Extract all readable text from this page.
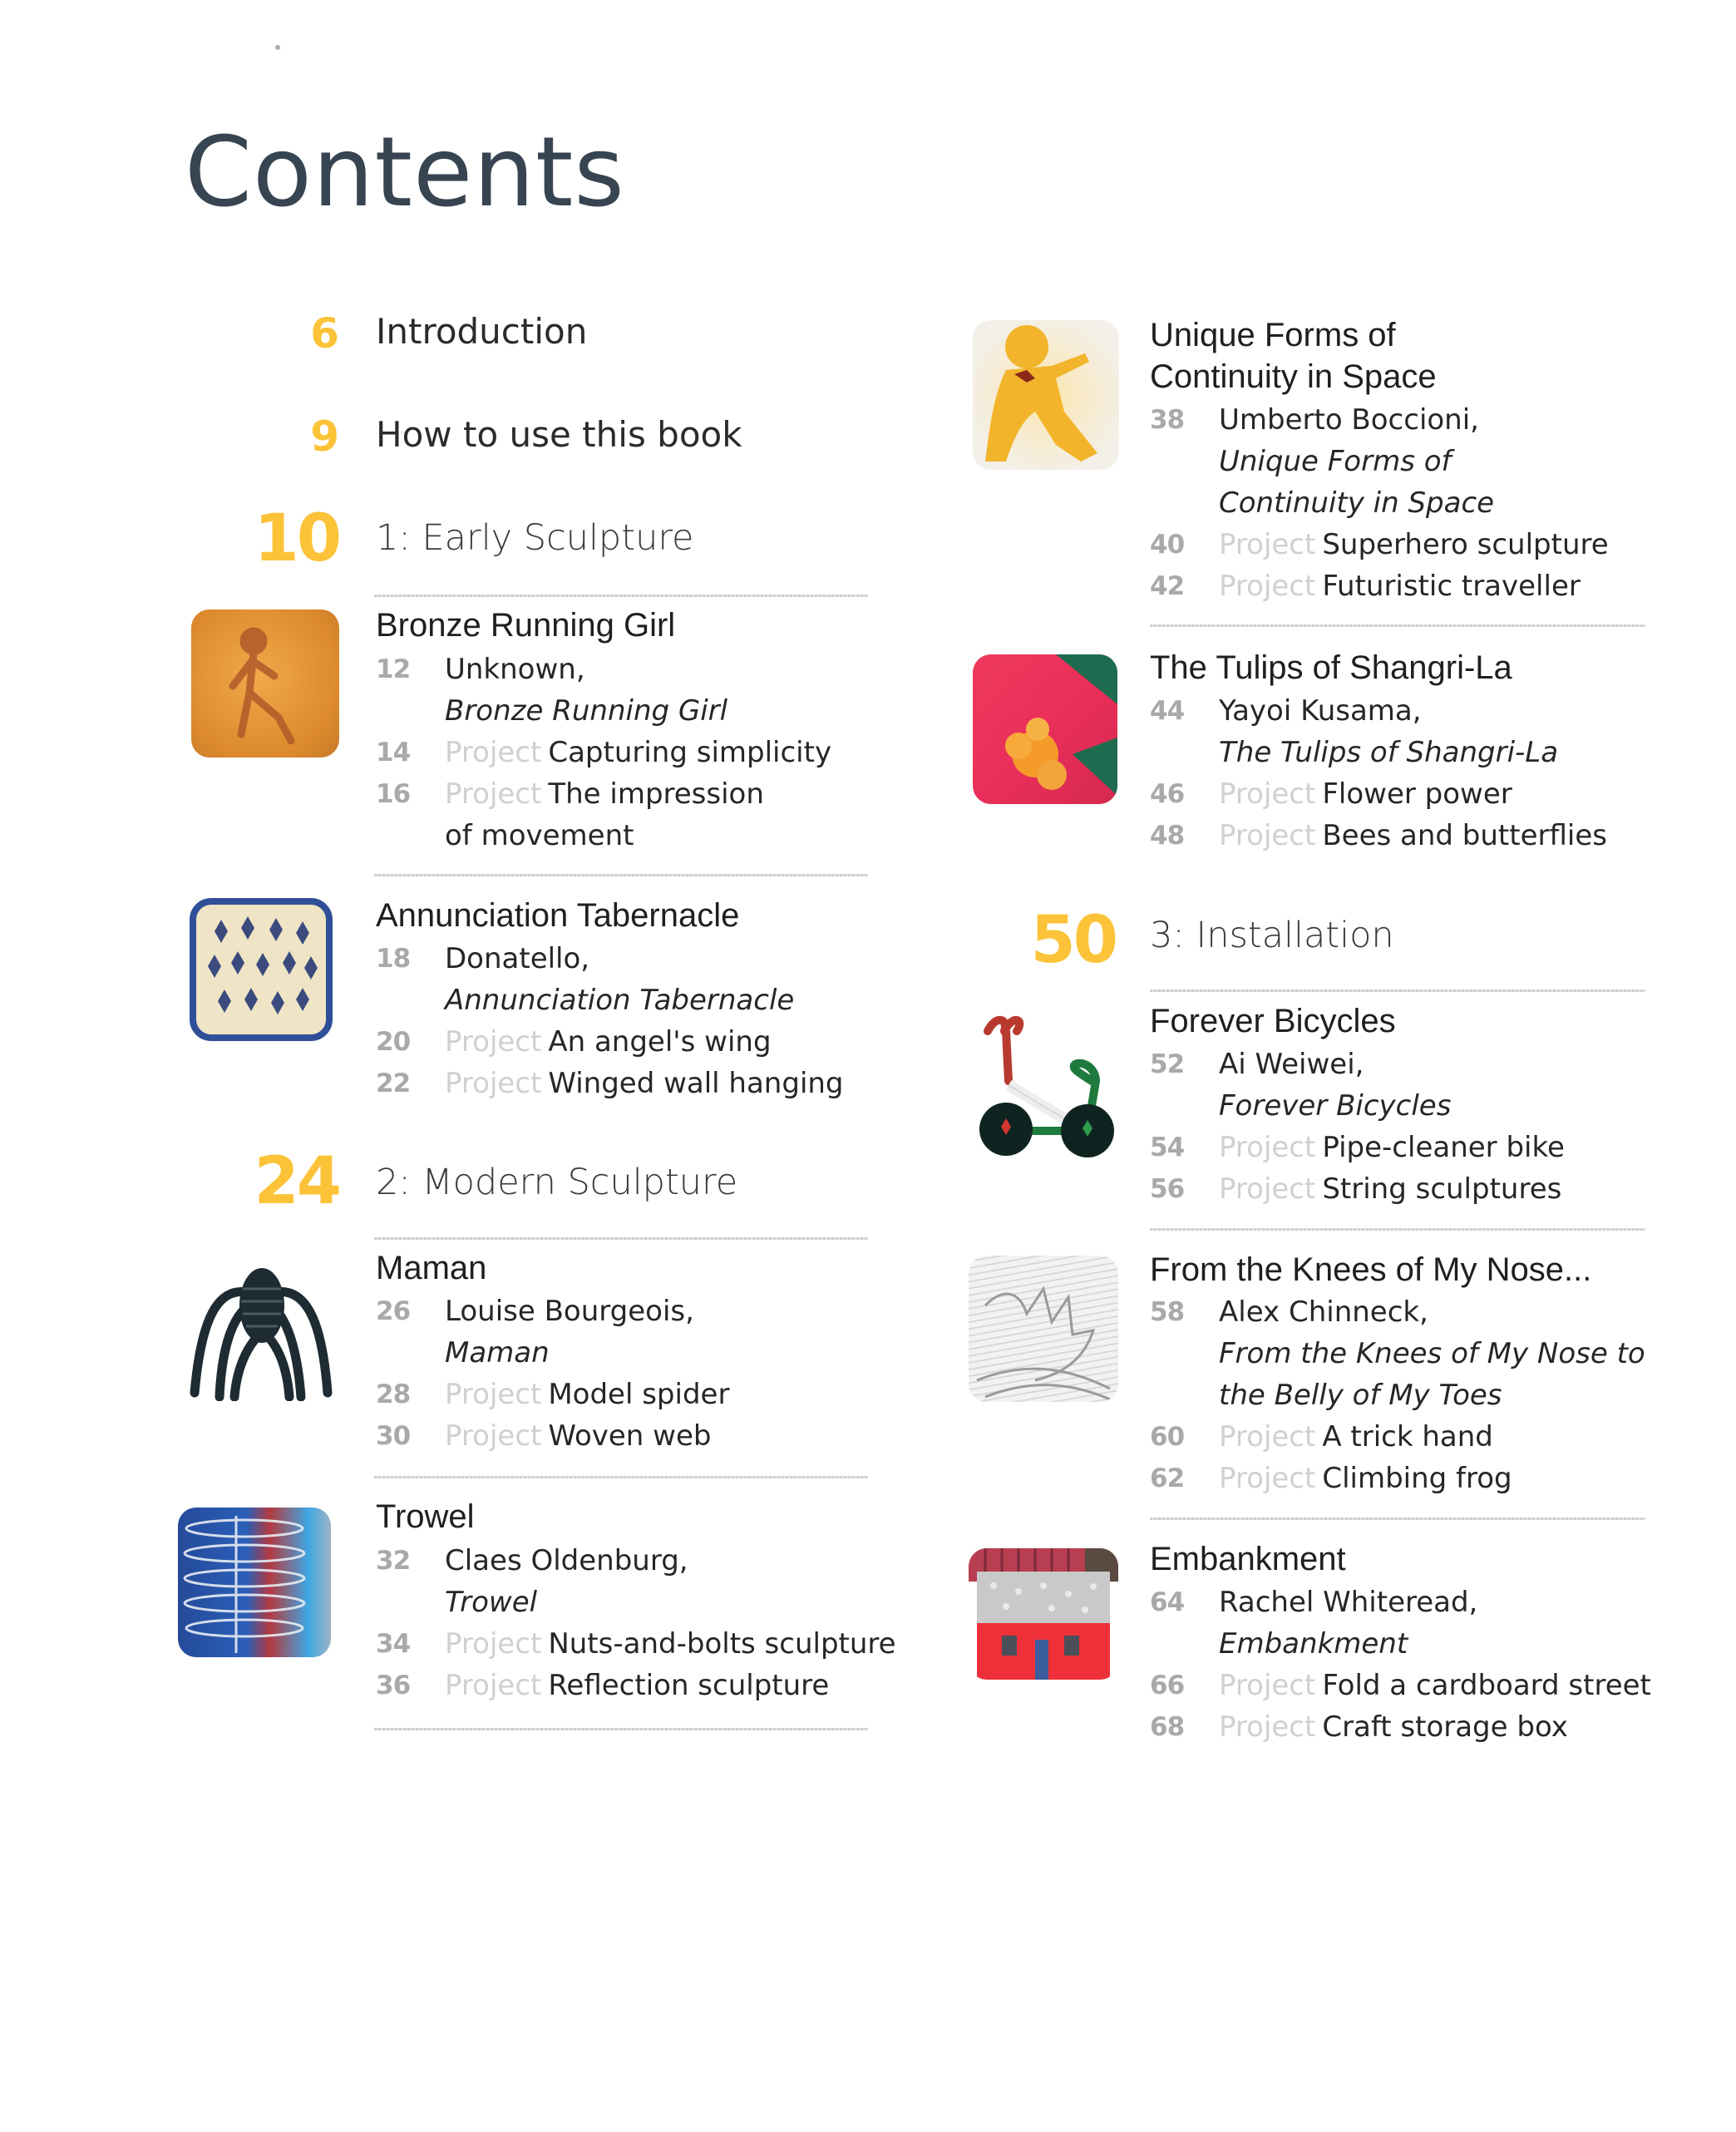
Contents
6 Introduction
9 How to use this book
10 1: Early Sculpture
Bronze Running Girl
12 Unknown,
Bronze Running Girl
14 Project Capturing simplicity
16 Project The impression
of movement
Annunciation Tabernacle
18 Donatello,
Annunciation Tabernacle
20 Project An angel's wing
22 Project Winged wall hanging
24 2: Modern Sculpture
Maman
26 Louise Bourgeois,
Maman
28 Project Model spider
30 Project Woven web
Trowel
32 Claes Oldenburg,
Trowel
34 Project Nuts-and-bolts sculpture
36 Project Reflection sculpture
Unique Forms of
Continuity in Space
38 Umberto Boccioni,
Unique Forms of
Continuity in Space
40 Project Superhero sculpture
42 Project Futuristic traveller
The Tulips of Shangri-La
44 Yayoi Kusama,
The Tulips of Shangri-La
46 Project Flower power
48 Project Bees and butterflies
50 3: Installation
Forever Bicycles
52 Ai Weiwei,
Forever Bicycles
54 Project Pipe-cleaner bike
56 Project String sculptures
From the Knees of My Nose...
58 Alex Chinneck,
From the Knees of My Nose to
the Belly of My Toes
60 Project A trick hand
62 Project Climbing frog
Embankment
64 Rachel Whiteread,
Embankment
66 Project Fold a cardboard street
68 Project Craft storage box
